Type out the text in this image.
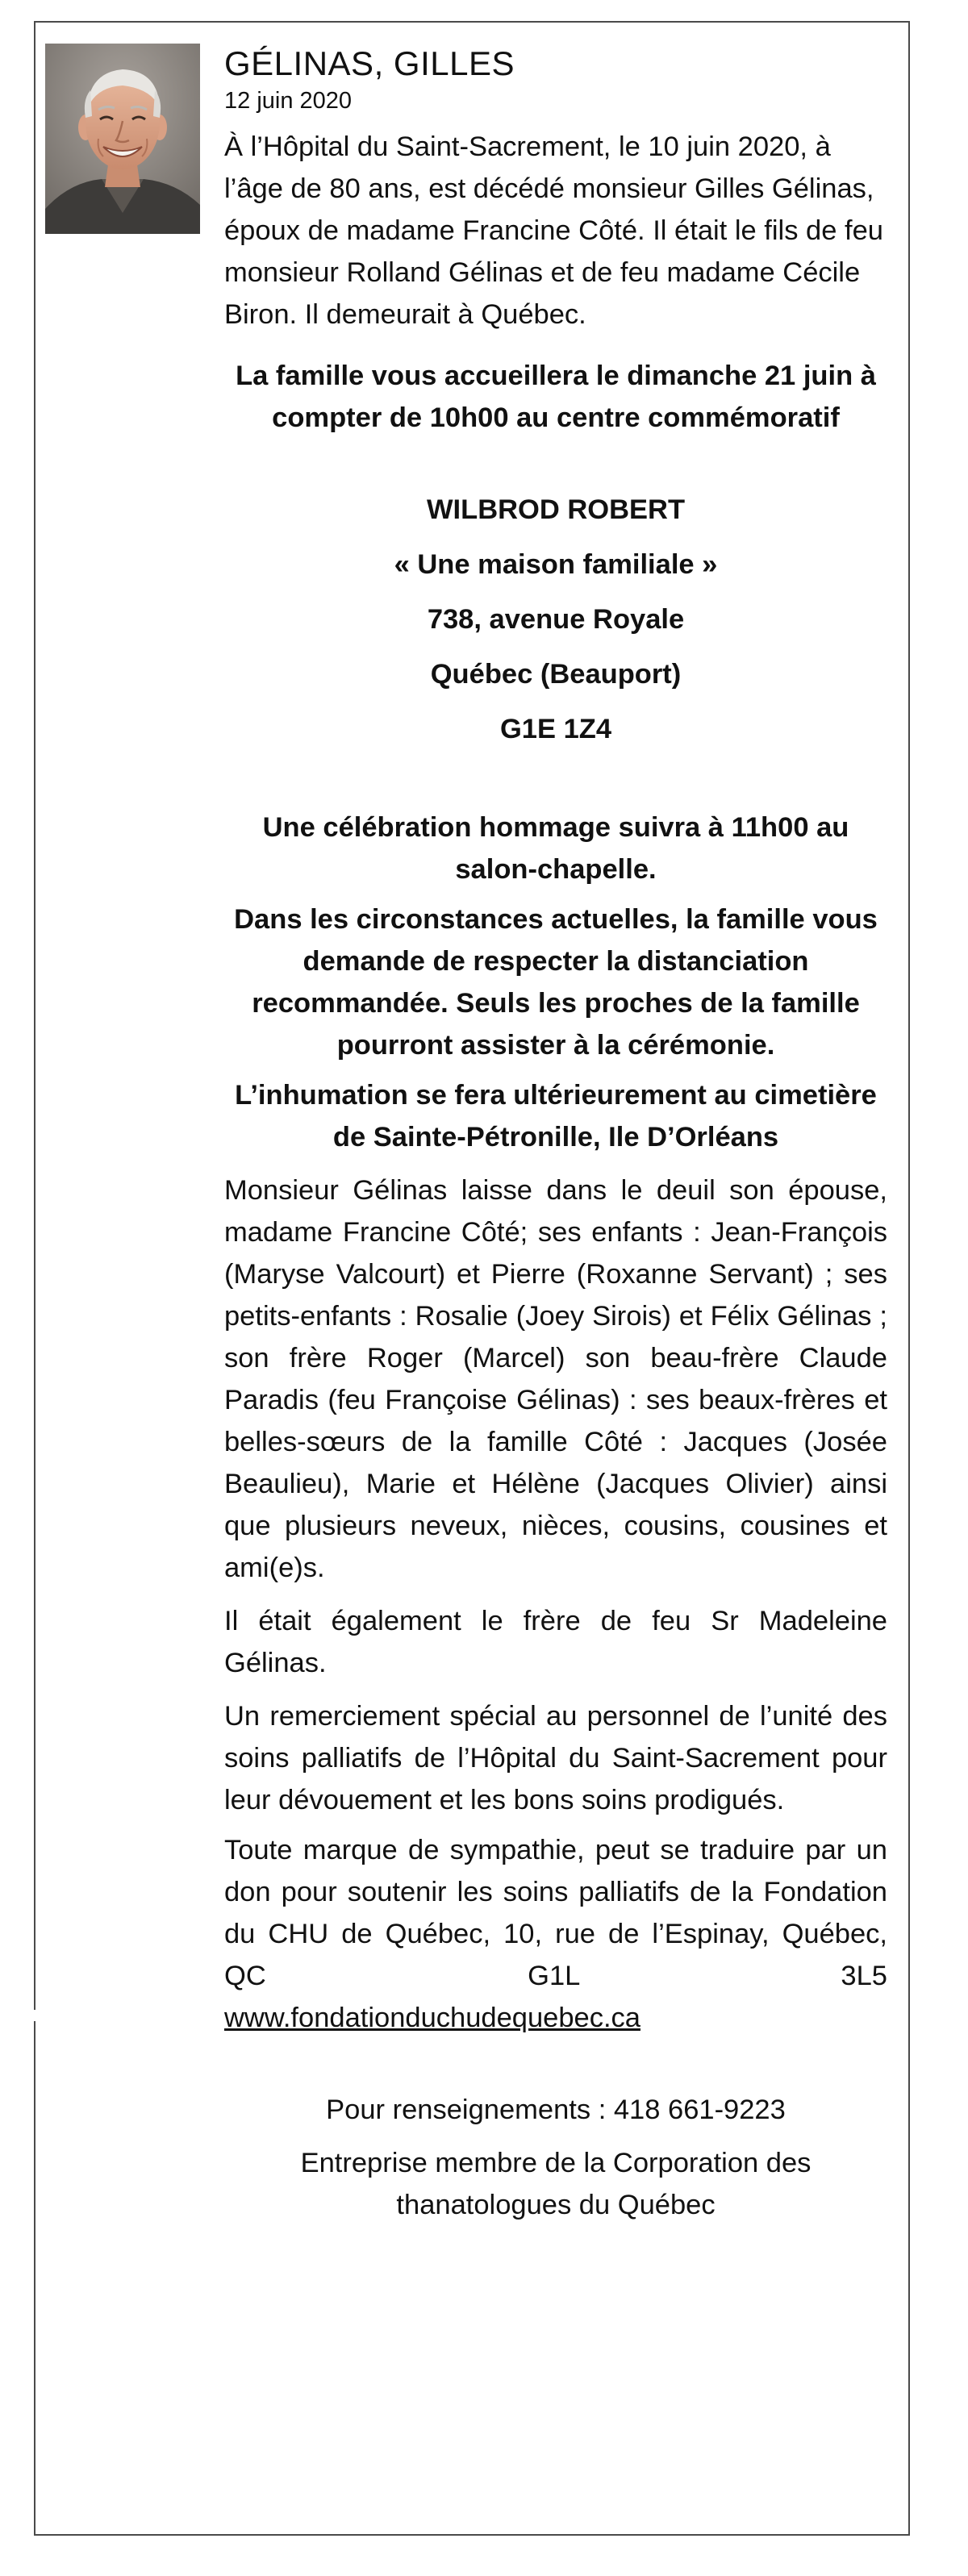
GÉLINAS, GILLES

12 juin 2020

À l’Hôpital du Saint-Sacrement, le 10 juin 2020, à l’âge de 80 ans, est décédé monsieur Gilles Gélinas, époux de madame Francine Côté. Il était le fils de feu monsieur Rolland Gélinas et de feu madame Cécile Biron. Il demeurait à Québec.

La famille vous accueillera le dimanche 21 juin à compter de 10h00 au centre commémoratif

WILBROD ROBERT
« Une maison familiale »
738, avenue Royale
Québec (Beauport)
G1E 1Z4

Une célébration hommage suivra à 11h00 au salon-chapelle.

Dans les circonstances actuelles, la famille vous demande de respecter la distanciation recommandée. Seuls les proches de la famille pourront assister à la cérémonie.

L’inhumation se fera ultérieurement au cimetière de Sainte-Pétronille, Ile D’Orléans

Monsieur Gélinas laisse dans le deuil son épouse, madame Francine Côté; ses enfants : Jean-François (Maryse Valcourt) et Pierre (Roxanne Servant) ; ses petits-enfants : Rosalie (Joey Sirois) et Félix Gélinas ; son frère Roger (Marcel) son beau-frère Claude Paradis (feu Françoise Gélinas) : ses beaux-frères et belles-sœurs de la famille Côté : Jacques (Josée Beaulieu), Marie et Hélène (Jacques Olivier) ainsi que plusieurs neveux, nièces, cousins, cousines et ami(e)s.

Il était également le frère de feu Sr Madeleine Gélinas.

Un remerciement spécial au personnel de l’unité des soins palliatifs de l’Hôpital du Saint-Sacrement pour leur dévouement et les bons soins prodigués.

Toute marque de sympathie, peut se traduire par un don pour soutenir les soins palliatifs de la Fondation du CHU de Québec, 10, rue de l’Espinay, Québec, QC G1L 3L5

www.fondationduchudequebec.ca

Pour renseignements : 418 661-9223

Entreprise membre de la Corporation des thanatologues du Québec
